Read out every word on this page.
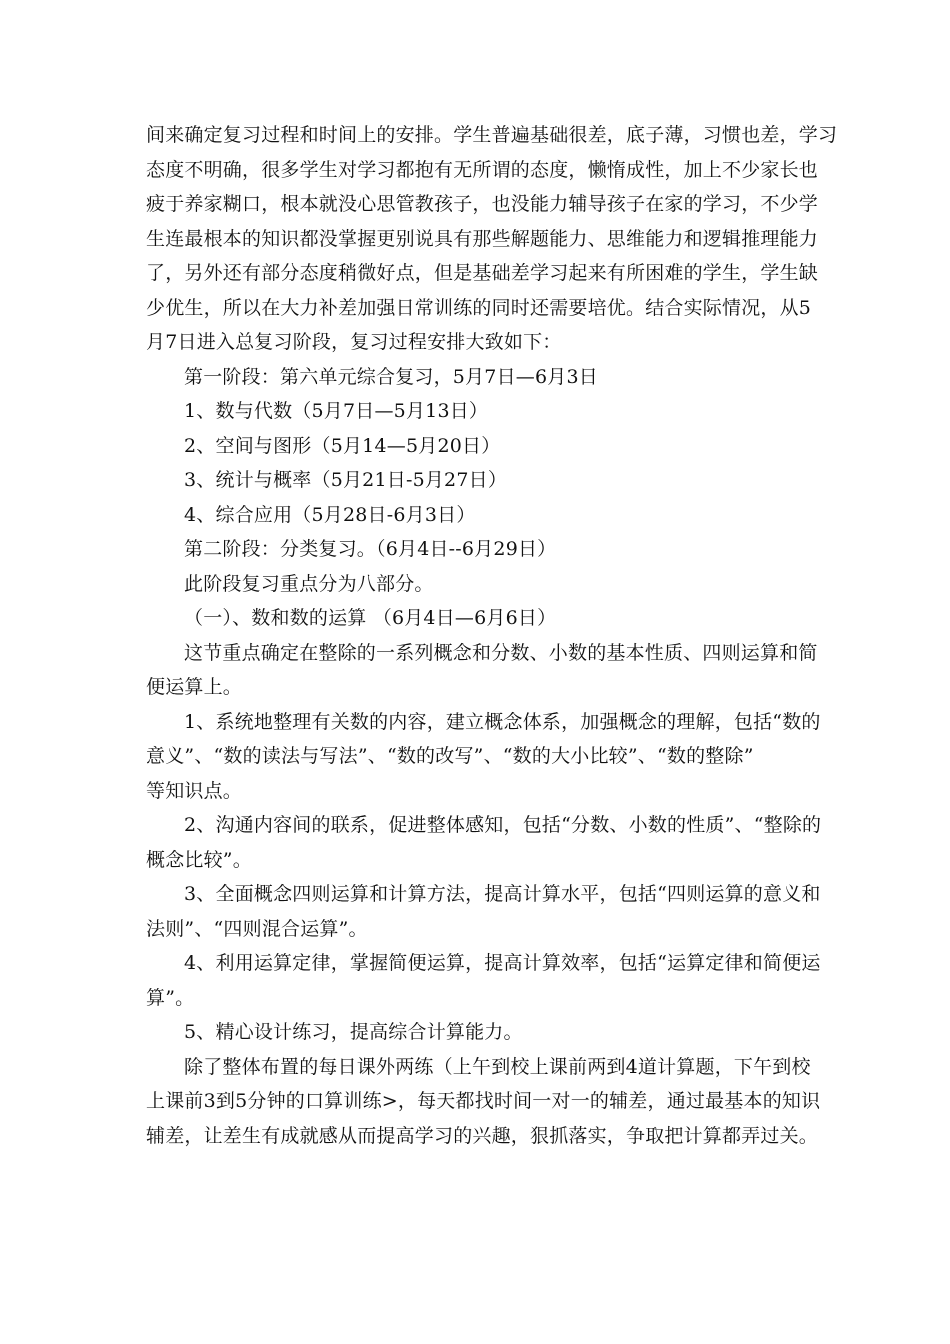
间来确定复习过程和时间上的安排。学生普遍基础很差，底子薄，习惯也差，学习
态度不明确，很多学生对学习都抱有无所谓的态度，懒惰成性，加上不少家长也
疲于养家糊口，根本就没心思管教孩子，也没能力辅导孩子在家的学习，不少学
生连最根本的知识都没掌握更别说具有那些解题能力、思维能力和逻辑推理能力
了，另外还有部分态度稍微好点，但是基础差学习起来有所困难的学生，学生缺
少优生，所以在大力补差加强日常训练的同时还需要培优。结合实际情况，从5
月7日进入总复习阶段，复习过程安排大致如下：
第一阶段：第六单元综合复习，5月7日—6月3日
1、数与代数（5月7日—5月13日）
2、空间与图形（5月14—5月20日）
3、统计与概率（5月21日-5月27日）
4、综合应用（5月28日-6月3日）
第二阶段：分类复习。（6月4日--6月29日）
此阶段复习重点分为八部分。
（一）、数和数的运算 （6月4日—6月6日）
这节重点确定在整除的一系列概念和分数、小数的基本性质、四则运算和简
便运算上。
1、系统地整理有关数的内容，建立概念体系，加强概念的理解，包括“数的
意义”、“数的读法与写法”、“数的改写”、“数的大小比较”、“数的整除”
等知识点。
2、沟通内容间的联系，促进整体感知，包括“分数、小数的性质”、“整除的
概念比较”。
3、全面概念四则运算和计算方法，提高计算水平，包括“四则运算的意义和
法则”、“四则混合运算”。
4、利用运算定律，掌握简便运算，提高计算效率，包括“运算定律和简便运
算”。
5、精心设计练习，提高综合计算能力。
除了整体布置的每日课外两练（上午到校上课前两到4道计算题，下午到校
上课前3到5分钟的口算训练>，每天都找时间一对一的辅差，通过最基本的知识
辅差，让差生有成就感从而提高学习的兴趣，狠抓落实，争取把计算都弄过关。
